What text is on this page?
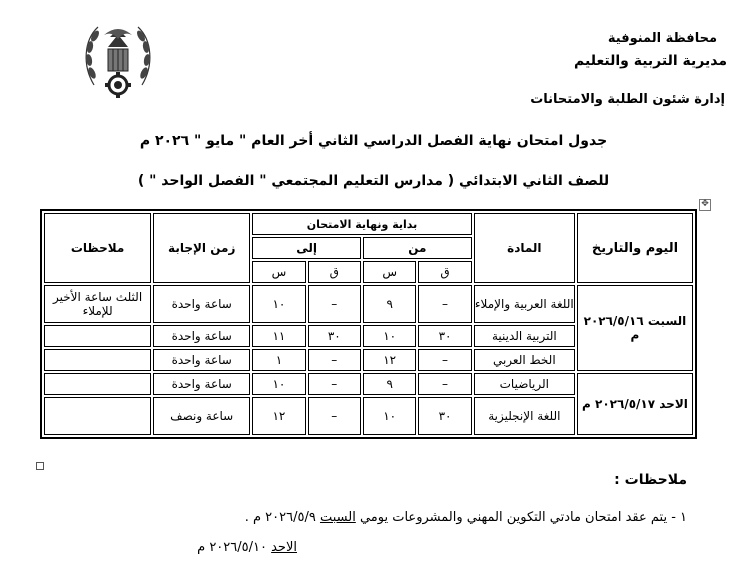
محافظة المنوفية
مديرية التربية والتعليم
إدارة شئون الطلبة والامتحانات
جدول امتحان نهاية الفصل الدراسي الثاني أخر العام " مايو " ٢٠٢٦ م
للصف الثاني الابتدائي ( مدارس التعليم المجتمعي " الفصل الواحد " )
✥
اليوم والتاريخ	المادة	بداية ونهاية الامتحان				زمن الإجابة	ملاحظات
		من		إلى			
		ق	س	ق	س		
السبت ٢٠٢٦/٥/١٦ م	اللغة العربية والإملاء	–	٩	–	١٠	ساعة واحدة	الثلث ساعة الأخير للإملاء
	التربية الدينية	٣٠	١٠	٣٠	١١	ساعة واحدة	
	الخط العربي	–	١٢	–	١	ساعة واحدة	
الاحد ٢٠٢٦/٥/١٧ م	الرياضيات	–	٩	–	١٠	ساعة واحدة	
	اللغة الإنجليزية	٣٠	١٠	–	١٢	ساعة ونصف	
ملاحظات :
١ - يتم عقد امتحان مادتي التكوين المهني والمشروعات يومي السبت ٢٠٢٦/٥/٩ م .
الاحد ٢٠٢٦/٥/١٠ م
